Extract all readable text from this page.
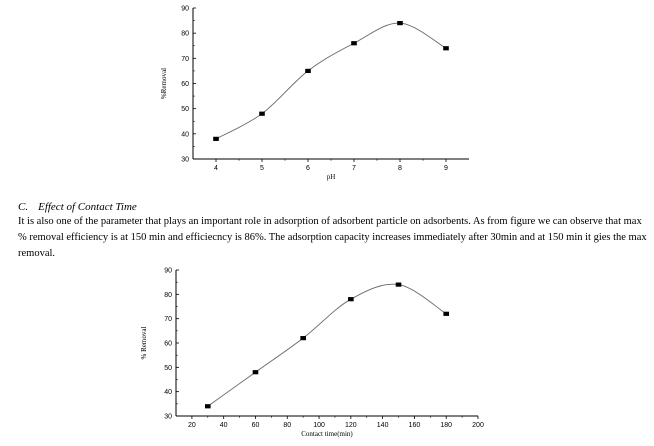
30
40
50
60
70
80
90
4	5	6	7	8	9
pH
%Removal
C. Effect of Contact Time
It is also one of the parameter that plays an important role in adsorption of adsorbent particle on adsorbents. As from figure we can observe that max % removal efficiency is at 150 min and efficiecncy is 86%. The adsorption capacity increases immediately after 30min and at 150 min it gies the max removal.
30
40
50
60
70
80
90
20	40	60	80	100	120	140	160	180	200
Contact time(min)
% Removal
